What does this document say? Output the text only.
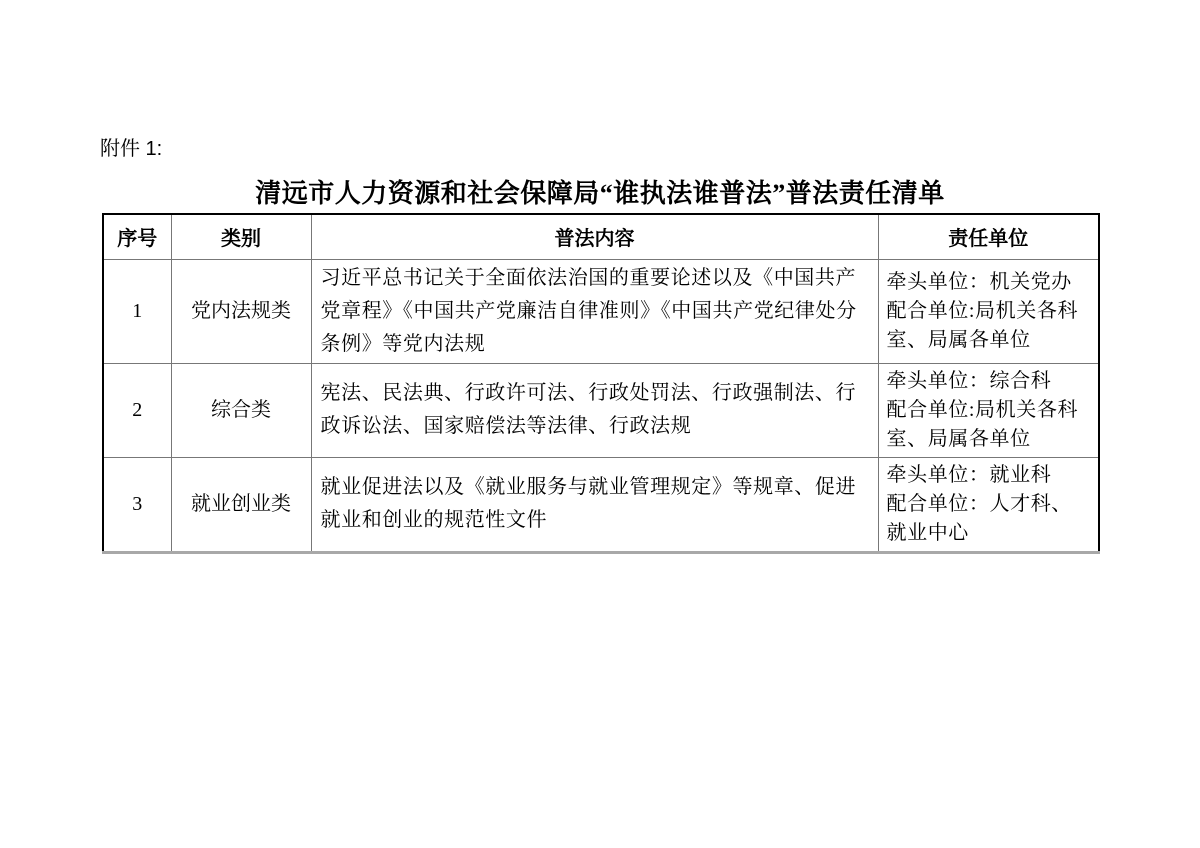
附件 1:
清远市人力资源和社会保障局“谁执法谁普法”普法责任清单
序号	类别	普法内容	责任单位
1	党内法规类	习近平总书记关于全面依法治国的重要论述以及《中国共产党章程》《中国共产党廉洁自律准则》《中国共产党纪律处分条例》等党内法规	牵头单位：机关党办
配合单位:局机关各科室、局属各单位

2	综合类	宪法、民法典、行政许可法、行政处罚法、行政强制法、行政诉讼法、国家赔偿法等法律、行政法规	牵头单位：综合科
配合单位:局机关各科室、局属各单位

3	就业创业类	就业促进法以及《就业服务与就业管理规定》等规章、促进就业和创业的规范性文件	牵头单位：就业科
配合单位：人才科、就业中心
